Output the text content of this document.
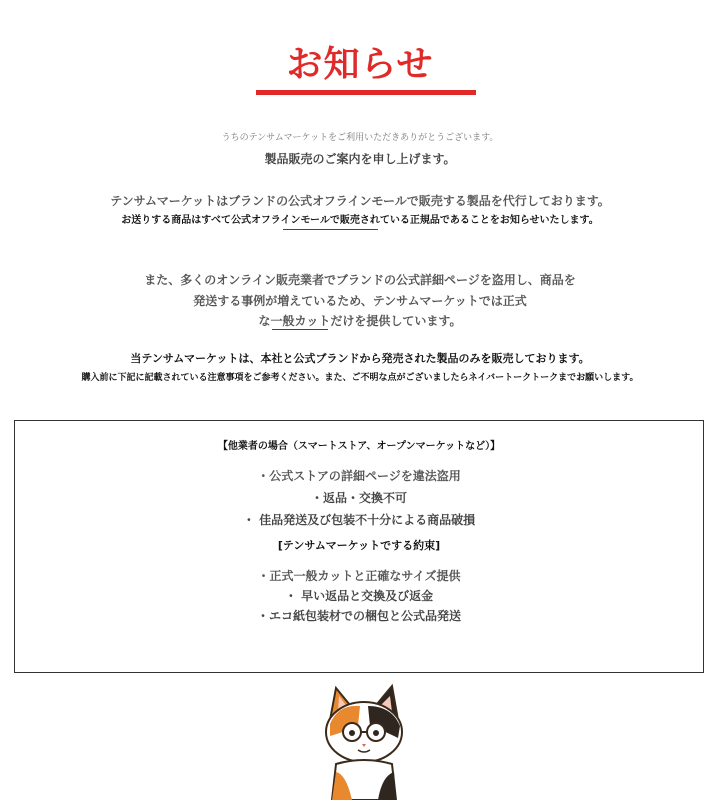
お知らせ
うちのテンサムマーケットをご利用いただきありがとうございます。
製品販売のご案内を申し上げます。
テンサムマーケットはブランドの公式オフラインモールで販売する製品を代行しております。
お送りする商品はすべて公式オフラインモールで販売されている正規品であることをお知らせいたします。
また、多くのオンライン販売業者でブランドの公式詳細ページを盗用し、商品を
発送する事例が増えているため、テンサムマーケットでは正式
な一般カットだけを提供しています。
当テンサムマーケットは、本社と公式ブランドから発売された製品のみを販売しております。
購入前に下記に記載されている注意事項をご参考ください。また、ご不明な点がございましたらネイバートークトークまでお願いします。
【他業者の場合（スマートストア、オープンマーケットなど）】
・公式ストアの詳細ページを違法盗用
・返品・交換不可
・ 佳品発送及び包装不十分による商品破損
[テンサムマーケットでする約束]
・正式一般カットと正確なサイズ提供
・ 早い返品と交換及び返金
・エコ紙包装材での梱包と公式品発送
